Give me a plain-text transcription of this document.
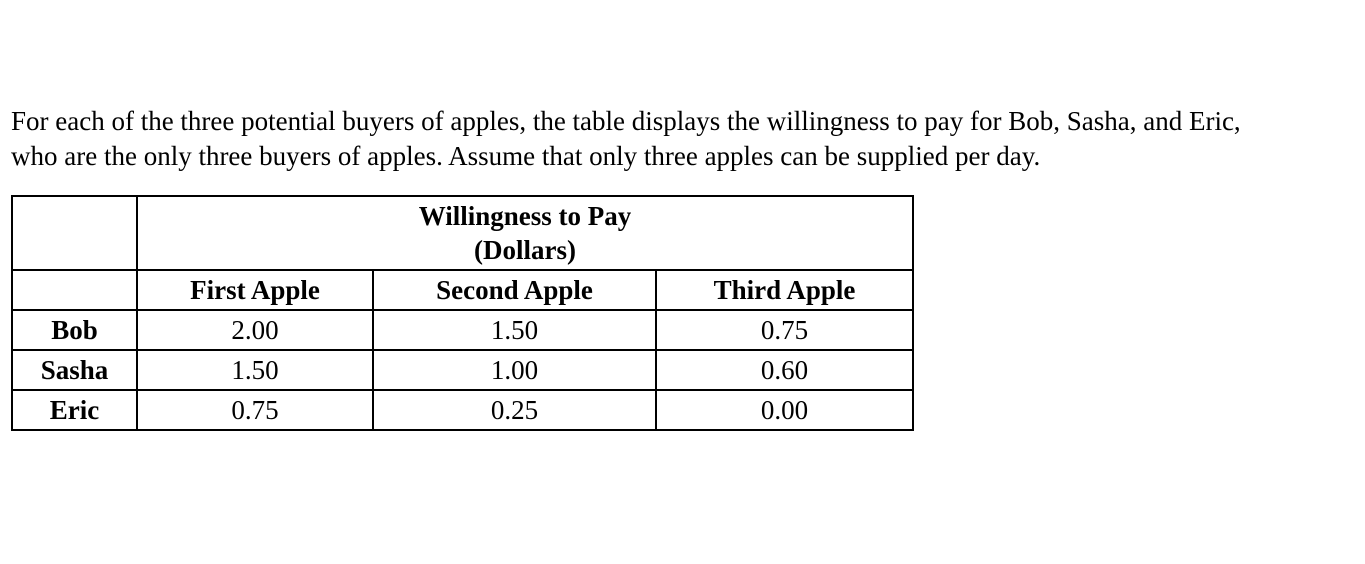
For each of the three potential buyers of apples, the table displays the willingness to pay for Bob, Sasha, and Eric,

who are the only three buyers of apples. Assume that only three apples can be supplied per day.

	Willingness to Pay
(Dollars)		
	First Apple	Second Apple	Third Apple
Bob	2.00	1.50	0.75
Sasha	1.50	1.00	0.60
Eric	0.75	0.25	0.00
